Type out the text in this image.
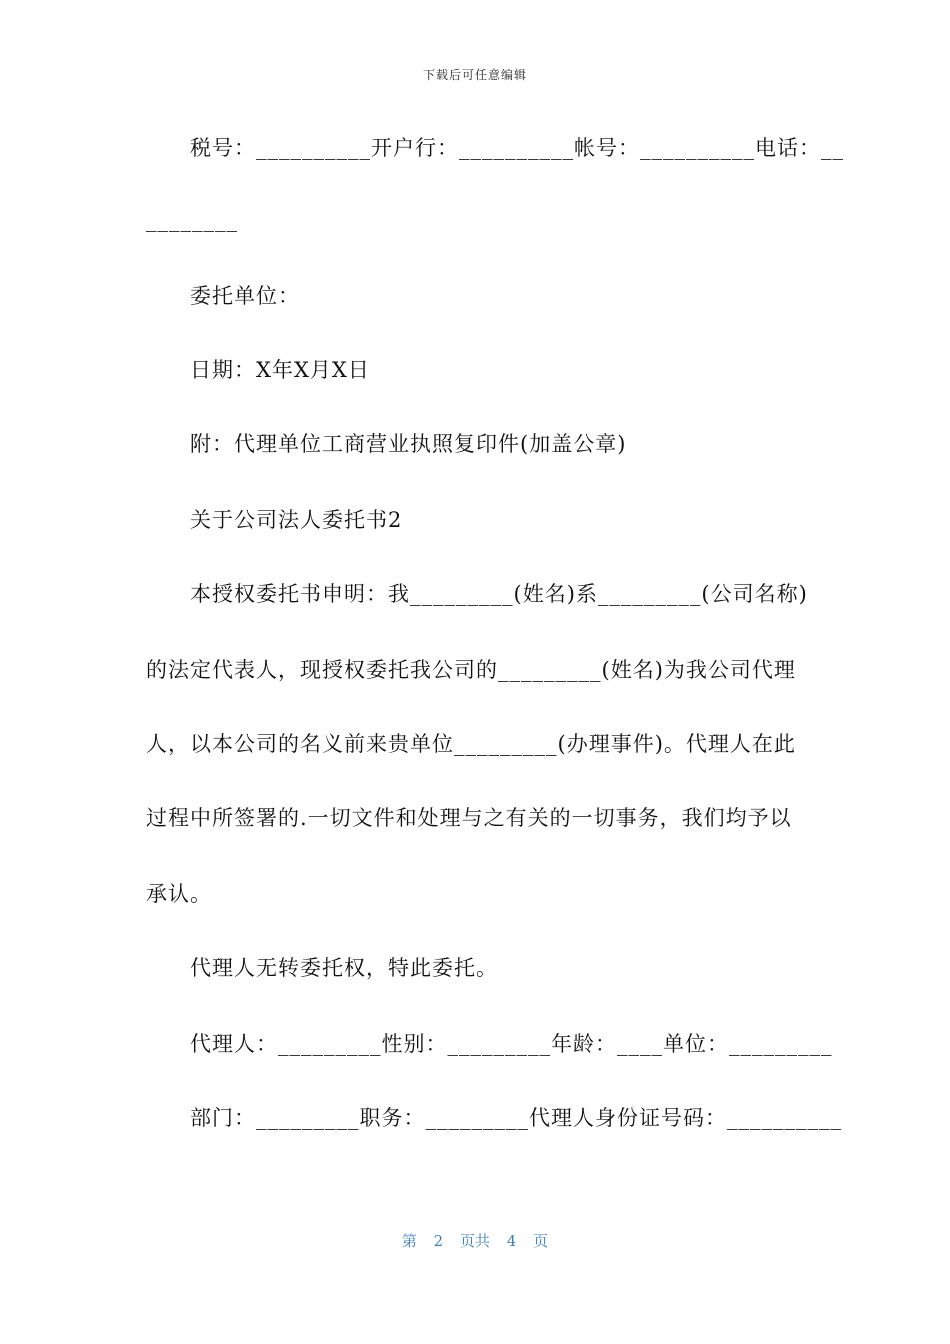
下载后可任意编辑
税号：__________开户行：__________帐号：__________电话：__
________
委托单位：
日期：X年X月X日
附：代理单位工商营业执照复印件(加盖公章)
关于公司法人委托书2
本授权委托书申明：我_________(姓名)系_________(公司名称)
的法定代表人，现授权委托我公司的_________(姓名)为我公司代理
人，以本公司的名义前来贵单位_________(办理事件)。代理人在此
过程中所签署的.一切文件和处理与之有关的一切事务，我们均予以
承认。
代理人无转委托权，特此委托。
代理人：_________性别：_________年龄：____单位：_________
部门：_________职务：_________代理人身份证号码：__________
第 2 页共 4 页
